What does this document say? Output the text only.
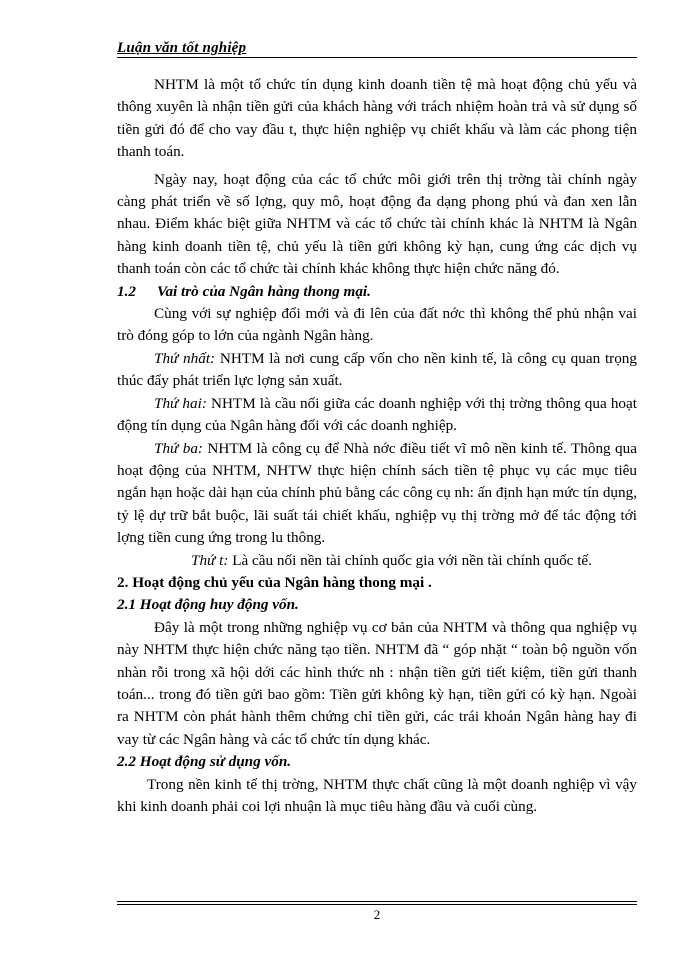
Luận văn tốt nghiệp

NHTM là một tổ chức tín dụng kinh doanh tiền tệ mà hoạt động chủ yếu và thông xuyên là nhận tiền gửi của khách hàng với trách nhiệm hoàn trả và sử dụng số tiền gửi đó để cho vay đầu t, thực hiện nghiệp vụ chiết khấu và làm các phong tiện thanh toán.

Ngày nay, hoạt động của các tổ chức môi giới trên thị trờng tài chính ngày càng phát triển về số lợng, quy mô, hoạt động đa dạng phong phú và đan xen lẫn nhau. Điểm khác biệt giữa NHTM và các tổ chức tài chính khác là NHTM là Ngân hàng kinh doanh tiền tệ, chủ yếu là tiền gửi không kỳ hạn, cung ứng các dịch vụ thanh toán còn các tổ chức tài chính khác không thực hiện chức năng đó.

1.2 Vai trò của Ngân hàng thong mại.

Cùng với sự nghiệp đổi mới và đi lên của đất nớc thì không thể phủ nhận vai trò đóng góp to lớn của ngành Ngân hàng.

Thứ nhất: NHTM là nơi cung cấp vốn cho nền kinh tế, là công cụ quan trọng thúc đẩy phát triển lực lợng sản xuất.

Thứ hai: NHTM là cầu nối giữa các doanh nghiệp với thị trờng thông qua hoạt động tín dụng của Ngân hàng đối với các doanh nghiệp.

Thứ ba: NHTM là công cụ để Nhà nớc điều tiết vĩ mô nền kinh tế. Thông qua hoạt động của NHTM, NHTW thực hiện chính sách tiền tệ phục vụ các mục tiêu ngắn hạn hoặc dài hạn của chính phủ bằng các công cụ nh: ấn định hạn mức tín dụng, tỷ lệ dự trữ bắt buộc, lãi suất tái chiết khấu, nghiệp vụ thị trờng mở để tác động tới lợng tiền cung ứng trong lu thông.

Thứ t: Là cầu nối nền tài chính quốc gia với nền tài chính quốc tế.

2. Hoạt động chủ yếu của Ngân hàng thong mại .
2.1 Hoạt động huy động vốn.

Đây là một trong những nghiệp vụ cơ bản của NHTM và thông qua nghiệp vụ này NHTM thực hiện chức năng tạo tiền. NHTM đã “ góp nhặt “ toàn bộ nguồn vốn nhàn rỗi trong xã hội dới các hình thức nh : nhận tiền gửi tiết kiệm, tiền gửi thanh toán... trong đó tiền gửi bao gồm: Tiền gửi không kỳ hạn, tiền gửi có kỳ hạn. Ngoài ra NHTM còn phát hành thêm chứng chỉ tiền gửi, các trái khoán Ngân hàng hay đi vay từ các Ngân hàng và các tổ chức tín dụng khác.

2.2 Hoạt động sử dụng vốn.

Trong nền kinh tế thị trờng, NHTM thực chất cũng là một doanh nghiệp vì vậy khi kinh doanh phải coi lợi nhuận là mục tiêu hàng đầu và cuối cùng.

2
